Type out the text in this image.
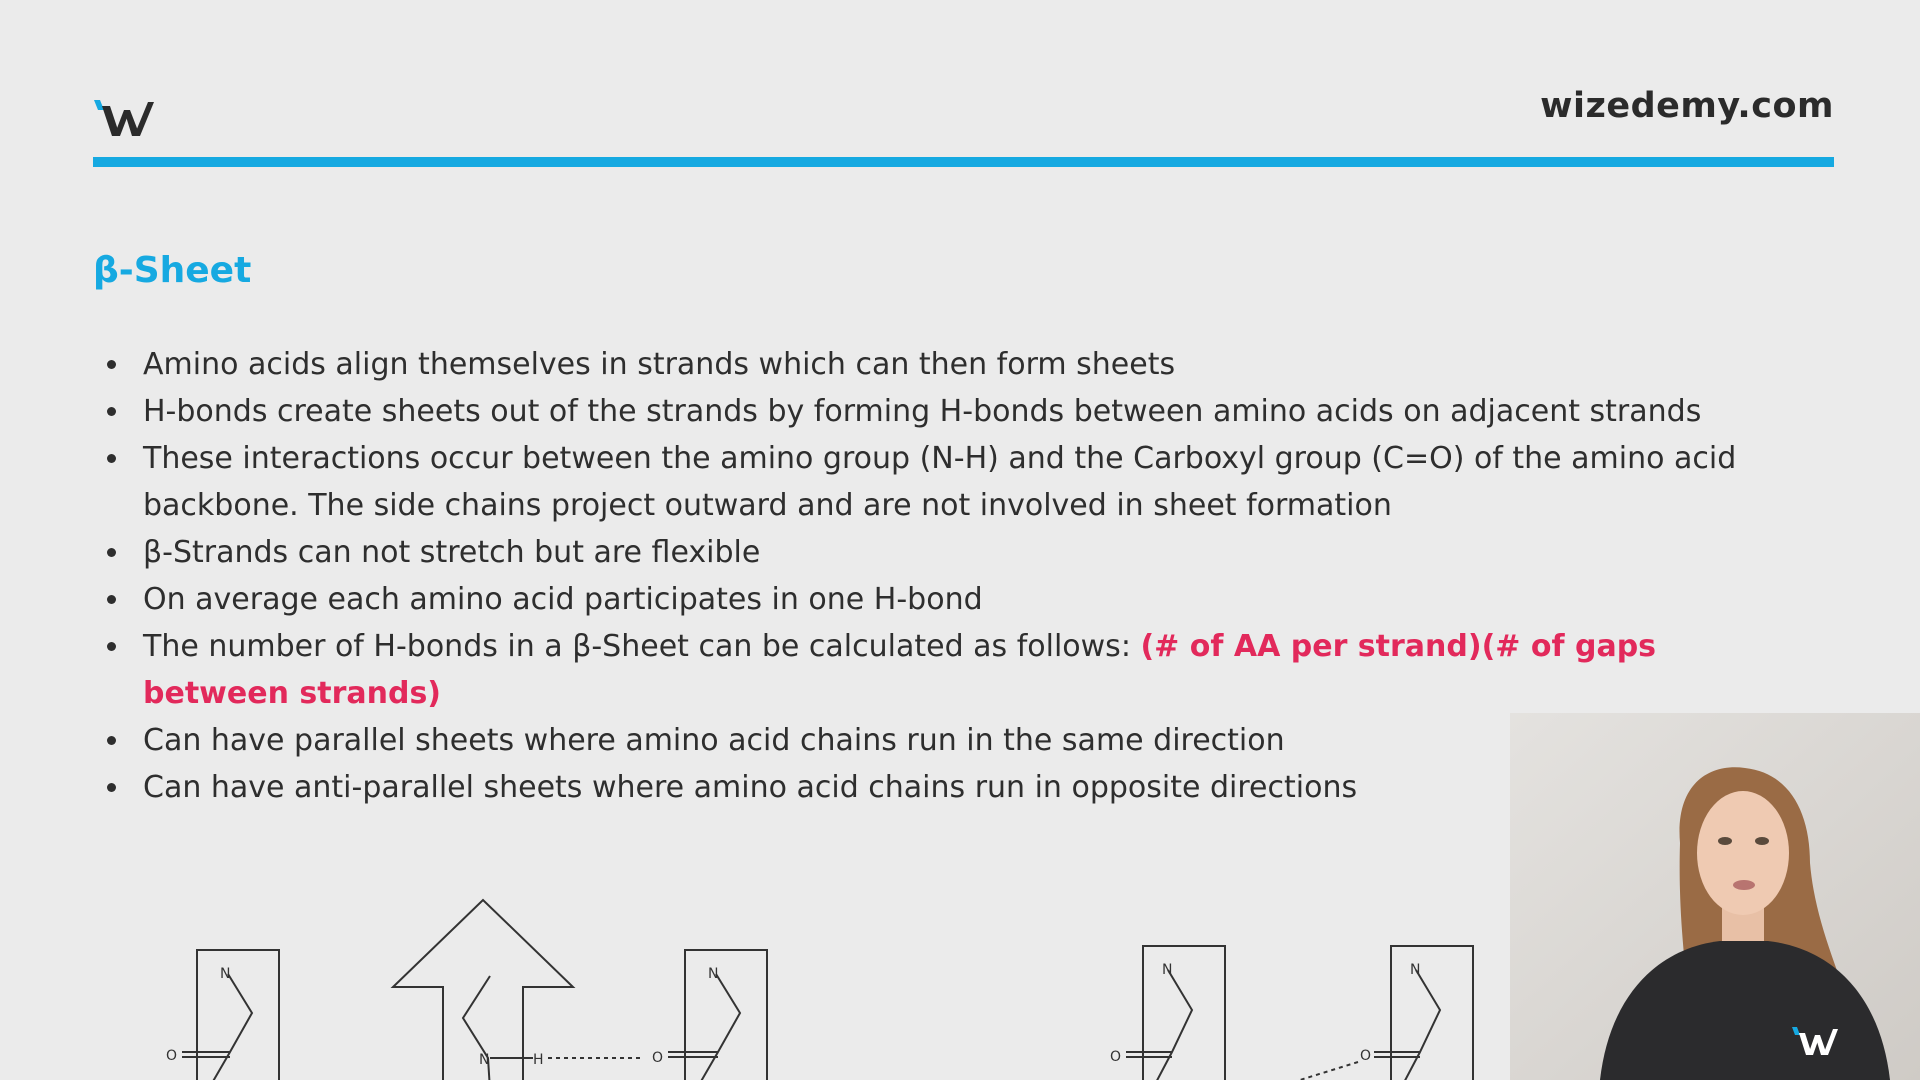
wizedemy.com
β-Sheet
Amino acids align themselves in strands which can then form sheets
H-bonds create sheets out of the strands by forming H-bonds between amino acids on adjacent strands
These interactions occur between the amino group (N-H) and the Carboxyl group (C=O) of the amino acid backbone. The side chains project outward and are not involved in sheet formation
β-Strands can not stretch but are flexible
On average each amino acid participates in one H-bond
The number of H-bonds in a β-Sheet can be calculated as follows: (# of AA per strand)(# of gaps between strands)
Can have parallel sheets where amino acid chains run in the same direction
Can have anti-parallel sheets where amino acid chains run in opposite directions
N
O	N	H
N
O
N
O
N
O
